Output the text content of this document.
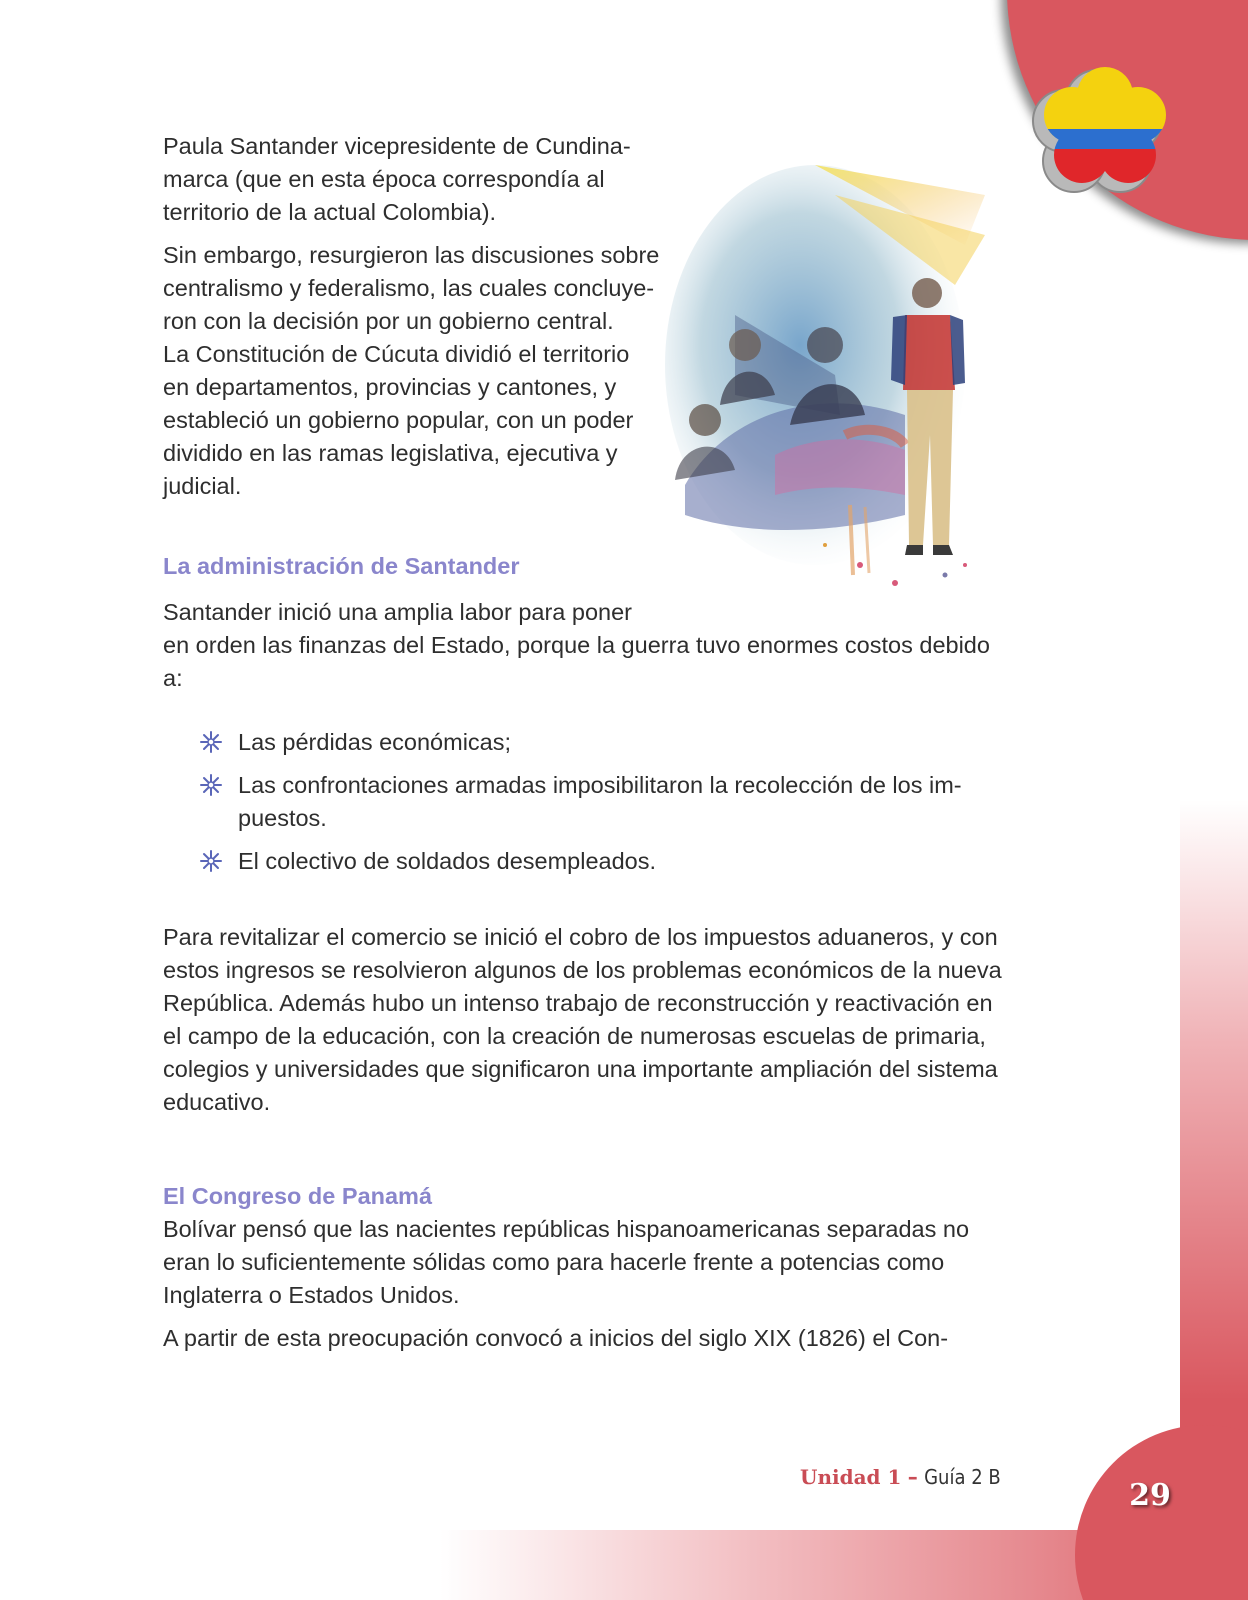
Paula Santander vicepresidente de Cundina-
marca (que en esta época correspondía al
territorio de la actual Colombia).

Sin embargo, resurgieron las discusiones sobre
centralismo y federalismo, las cuales concluye-
ron con la decisión por un gobierno central.
La Constitución de Cúcuta dividió el territorio
en departamentos, provincias y cantones, y
estableció un gobierno popular, con un poder
dividido en las ramas legislativa, ejecutiva y
judicial.

La administración de Santander

Santander inició una amplia labor para poner
en orden las finanzas del Estado, porque la guerra tuvo enormes costos debido
a:

Las pérdidas económicas;
Las confrontaciones armadas imposibilitaron la recolección de los im-
puestos.
El colectivo de soldados desempleados.

Para revitalizar el comercio se inició el cobro de los impuestos aduaneros, y con
estos ingresos se resolvieron algunos de los problemas económicos de la nueva
República. Además hubo un intenso trabajo de reconstrucción y reactivación en
el campo de la educación, con la creación de numerosas escuelas de primaria,
colegios y universidades que significaron una importante ampliación del sistema
educativo.

El Congreso de Panamá

Bolívar pensó que las nacientes repúblicas hispanoamericanas separadas no
eran lo suficientemente sólidas como para hacerle frente a potencias como
Inglaterra o Estados Unidos.

A partir de esta preocupación convocó a inicios del siglo XIX (1826) el Con-

Unidad 1 – Guía 2 B
29
